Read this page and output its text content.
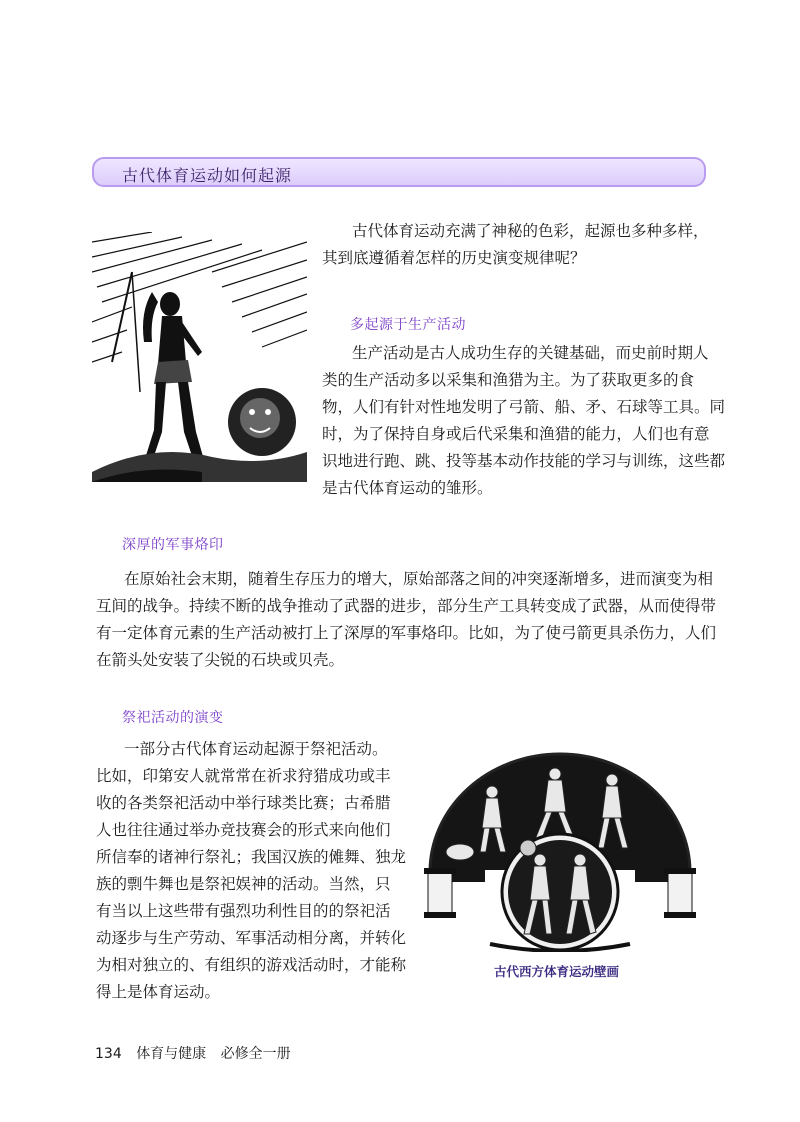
古代体育运动如何起源
古代体育运动充满了神秘的色彩，起源也多种多样，
其到底遵循着怎样的历史演变规律呢？
多起源于生产活动
生产活动是古人成功生存的关键基础，而史前时期人
类的生产活动多以采集和渔猎为主。为了获取更多的食
物，人们有针对性地发明了弓箭、船、矛、石球等工具。同
时，为了保持自身或后代采集和渔猎的能力，人们也有意
识地进行跑、跳、投等基本动作技能的学习与训练，这些都
是古代体育运动的雏形。
深厚的军事烙印
在原始社会末期，随着生存压力的增大，原始部落之间的冲突逐渐增多，进而演变为相
互间的战争。持续不断的战争推动了武器的进步，部分生产工具转变成了武器，从而使得带
有一定体育元素的生产活动被打上了深厚的军事烙印。比如，为了使弓箭更具杀伤力，人们
在箭头处安装了尖锐的石块或贝壳。
祭祀活动的演变
一部分古代体育运动起源于祭祀活动。
比如，印第安人就常常在祈求狩猎成功或丰
收的各类祭祀活动中举行球类比赛；古希腊
人也往往通过举办竞技赛会的形式来向他们
所信奉的诸神行祭礼；我国汉族的傩舞、独龙
族的剽牛舞也是祭祀娱神的活动。当然，只
有当以上这些带有强烈功利性目的的祭祀活
动逐步与生产劳动、军事活动相分离，并转化
为相对独立的、有组织的游戏活动时，才能称
得上是体育运动。
古代西方体育运动壁画
134 体育与健康 必修全一册
